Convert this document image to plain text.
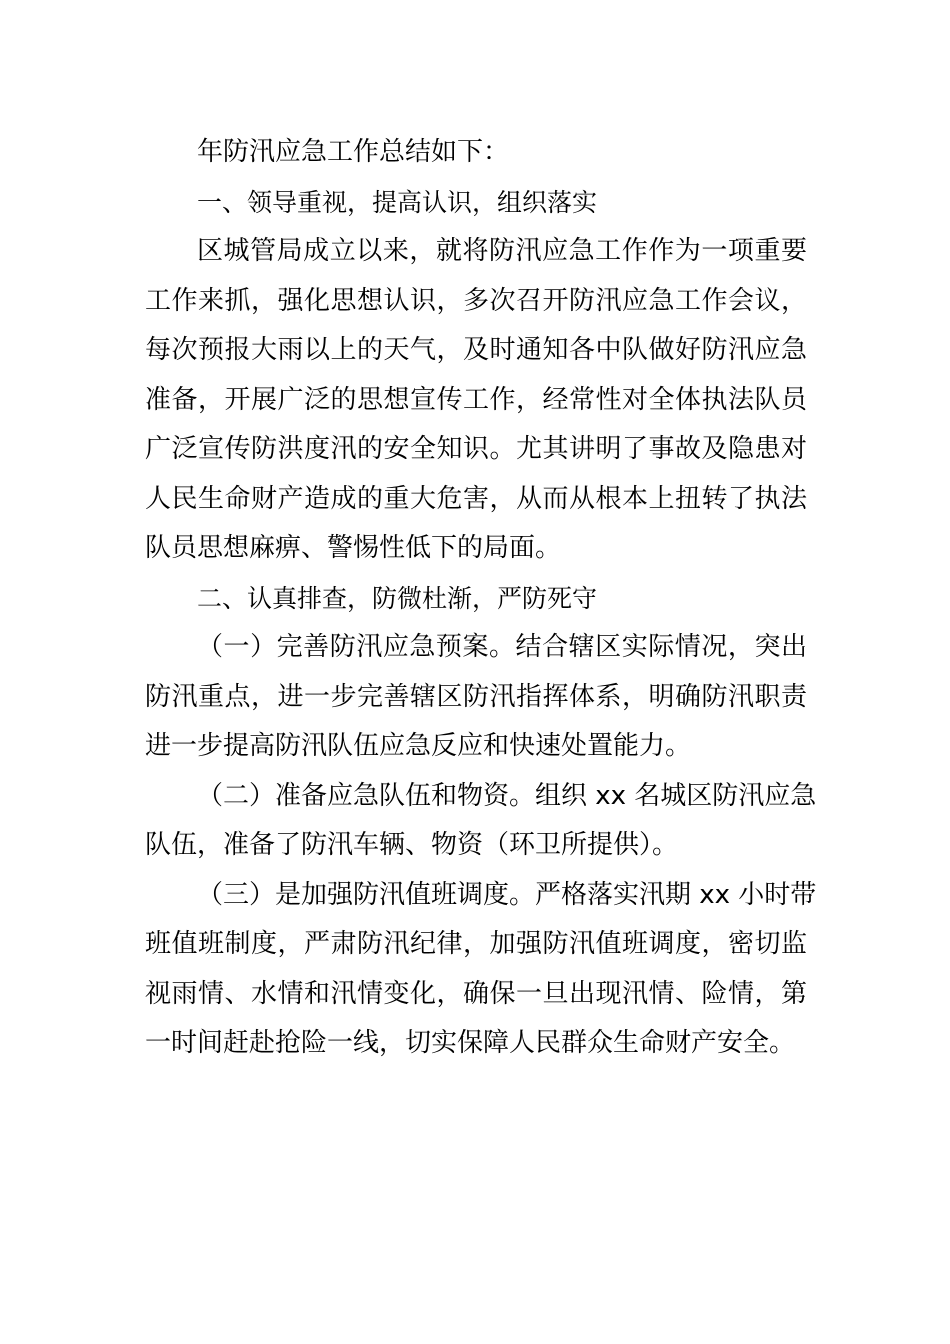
年防汛应急工作总结如下：
一、领导重视，提高认识，组织落实
区城管局成立以来，就将防汛应急工作作为一项重要
工作来抓，强化思想认识，多次召开防汛应急工作会议，
每次预报大雨以上的天气，及时通知各中队做好防汛应急
准备，开展广泛的思想宣传工作，经常性对全体执法队员
广泛宣传防洪度汛的安全知识。尤其讲明了事故及隐患对
人民生命财产造成的重大危害，从而从根本上扭转了执法
队员思想麻痹、警惕性低下的局面。
二、认真排查，防微杜渐，严防死守
（一）完善防汛应急预案。结合辖区实际情况，突出
防汛重点，进一步完善辖区防汛指挥体系，明确防汛职责
进一步提高防汛队伍应急反应和快速处置能力。
（二）准备应急队伍和物资。组织 xx 名城区防汛应急
队伍，准备了防汛车辆、物资（环卫所提供）。
（三）是加强防汛值班调度。严格落实汛期 xx 小时带
班值班制度，严肃防汛纪律，加强防汛值班调度，密切监
视雨情、水情和汛情变化，确保一旦出现汛情、险情，第
一时间赶赴抢险一线，切实保障人民群众生命财产安全。
